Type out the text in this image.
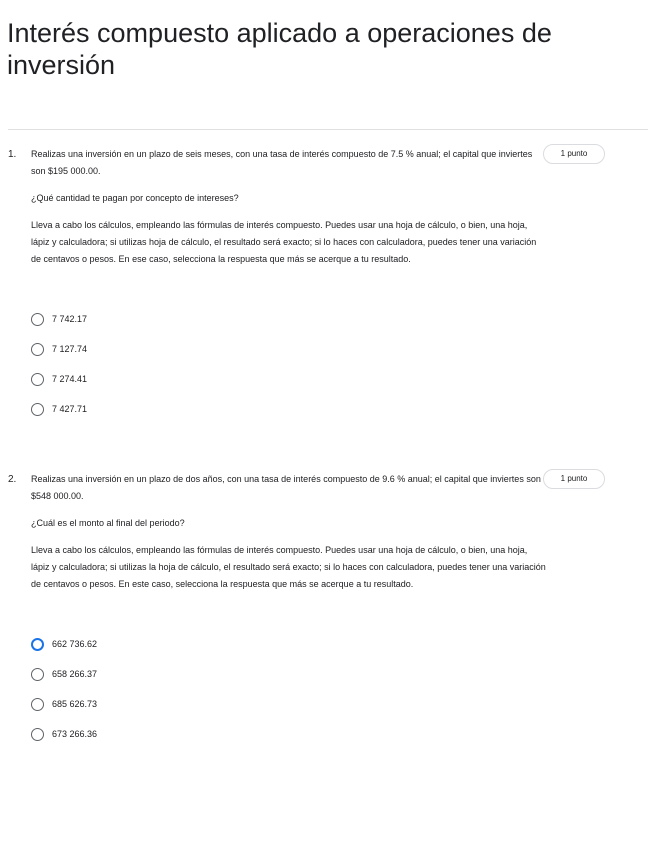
Interés compuesto aplicado a operaciones de inversión
1. Realizas una inversión en un plazo de seis meses, con una tasa de interés compuesto de 7.5 % anual; el capital que inviertes son $195 000.00.

¿Qué cantidad te pagan por concepto de intereses?

Lleva a cabo los cálculos, empleando las fórmulas de interés compuesto. Puedes usar una hoja de cálculo, o bien, una hoja, lápiz y calculadora; si utilizas hoja de cálculo, el resultado será exacto; si lo haces con calculadora, puedes tener una variación de centavos o pesos. En ese caso, selecciona la respuesta que más se acerque a tu resultado.

1 punto
7 742.17
7 127.74
7 274.41
7 427.71
2. Realizas una inversión en un plazo de dos años, con una tasa de interés compuesto de 9.6 % anual; el capital que inviertes son $548 000.00.

¿Cuál es el monto al final del periodo?

Lleva a cabo los cálculos, empleando las fórmulas de interés compuesto. Puedes usar una hoja de cálculo, o bien, una hoja, lápiz y calculadora; si utilizas la hoja de cálculo, el resultado será exacto; si lo haces con calculadora, puedes tener una variación de centavos o pesos. En este caso, selecciona la respuesta que más se acerque a tu resultado.

1 punto
662 736.62
658 266.37
685 626.73
673 266.36
